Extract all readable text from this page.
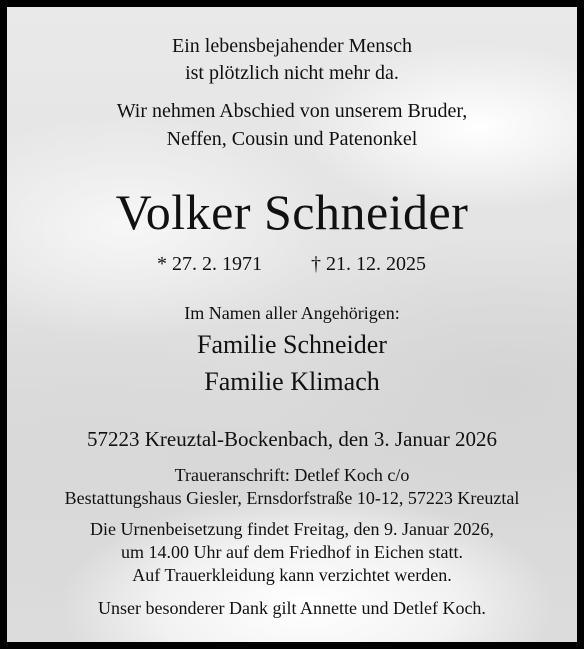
Ein lebensbejahender Mensch
ist plötzlich nicht mehr da.
Wir nehmen Abschied von unserem Bruder,
Neffen, Cousin und Patenonkel
Volker Schneider
* 27. 2. 1971 † 21. 12. 2025
Im Namen aller Angehörigen:
Familie Schneider
Familie Klimach
57223 Kreuztal-Bockenbach, den 3. Januar 2026
Traueranschrift: Detlef Koch c/o
Bestattungshaus Giesler, Ernsdorfstraße 10-12, 57223 Kreuztal
Die Urnenbeisetzung findet Freitag, den 9. Januar 2026,
um 14.00 Uhr auf dem Friedhof in Eichen statt.
Auf Trauerkleidung kann verzichtet werden.
Unser besonderer Dank gilt Annette und Detlef Koch.
